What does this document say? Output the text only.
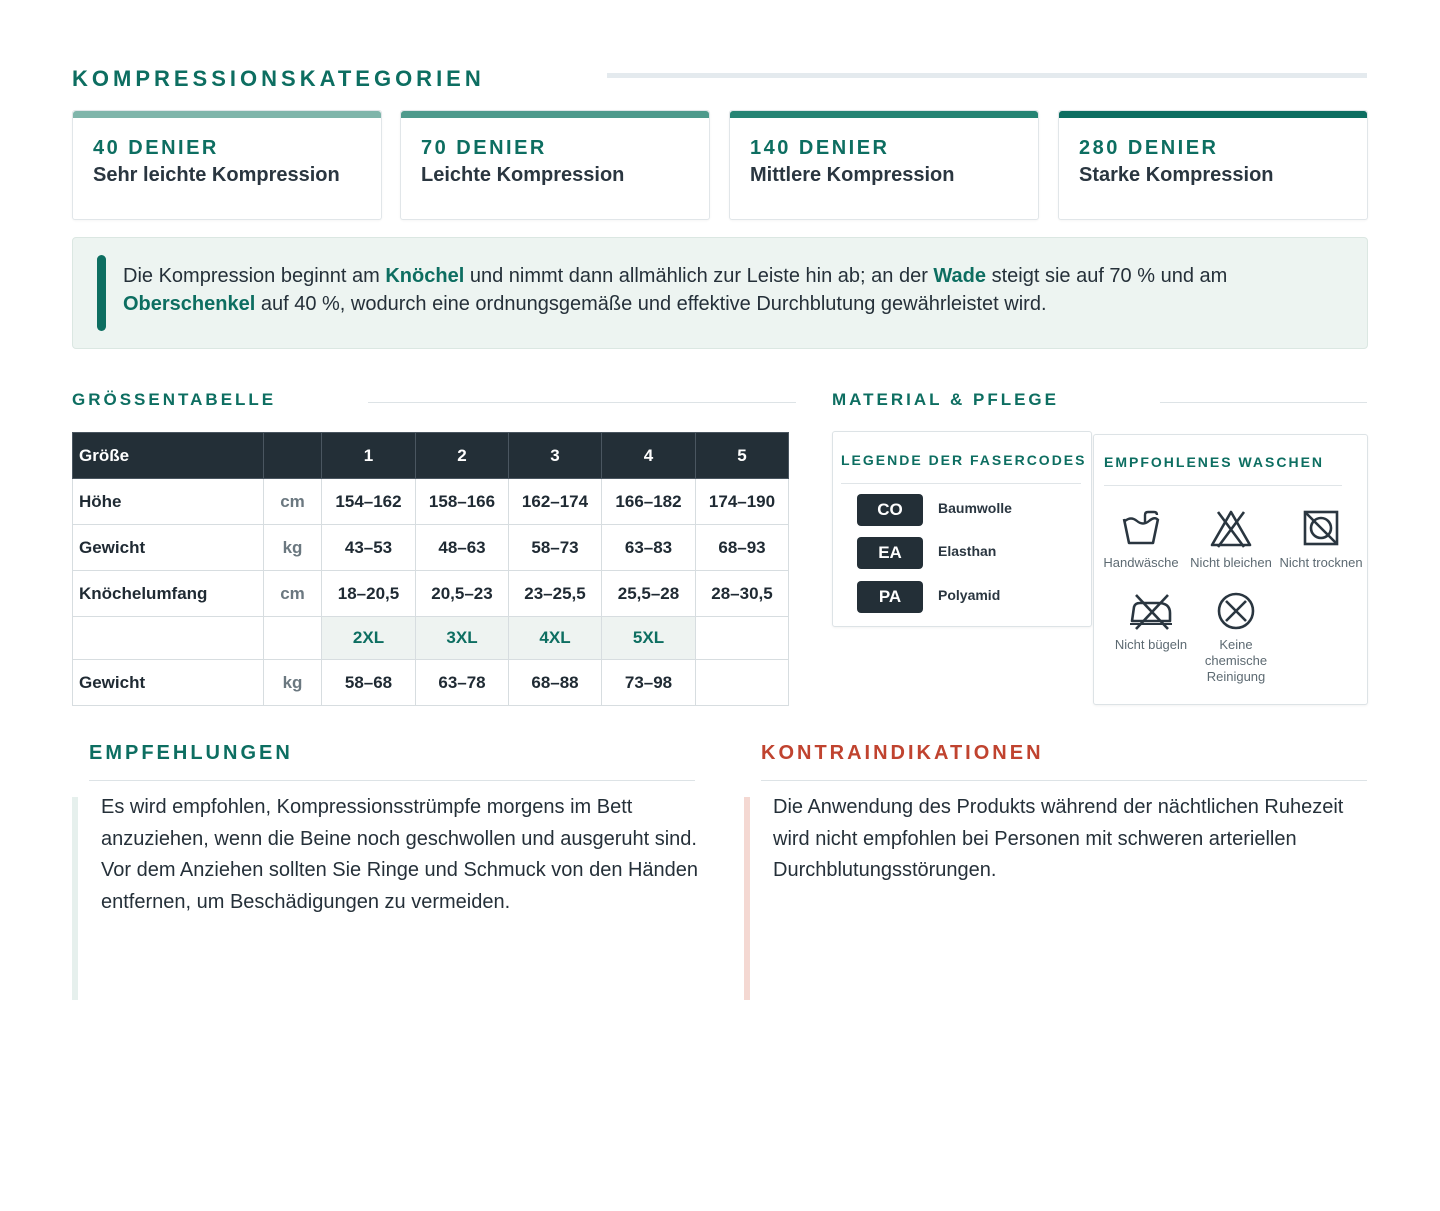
KOMPRESSIONSKATEGORIEN
40 DENIER
Sehr leichte Kompression
70 DENIER
Leichte Kompression
140 DENIER
Mittlere Kompression
280 DENIER
Starke Kompression
Die Kompression beginnt am Knöchel und nimmt dann allmählich zur Leiste hin ab; an der Wade steigt sie auf 70 % und am
Oberschenkel auf 40 %, wodurch eine ordnungsgemäße und effektive Durchblutung gewährleistet wird.
GRÖSSENTABELLE
Größe		1	2	3	4	5
Höhe	cm	154–162	158–166	162–174	166–182	174–190
Gewicht	kg	43–53	48–63	58–73	63–83	68–93
Knöchelumfang	cm	18–20,5	20,5–23	23–25,5	25,5–28	28–30,5
		2XL	3XL	4XL	5XL	
Gewicht	kg	58–68	63–78	68–88	73–98	
MATERIAL & PFLEGE
LEGENDE DER FASERCODES
CO	Baumwolle
EA	Elasthan
PA	Polyamid
EMPFOHLENES WASCHEN
Handwäsche Nicht bleichen Nicht trocknen
Nicht bügeln	Keine chemische Reinigung
EMPFEHLUNGEN
Es wird empfohlen, Kompressionsstrümpfe morgens im Bett anzuziehen, wenn die Beine noch geschwollen und ausgeruht sind. Vor dem Anziehen sollten Sie Ringe und Schmuck von den Händen entfernen, um Beschädigungen zu vermeiden.
KONTRAINDIKATIONEN
Die Anwendung des Produkts während der nächtlichen Ruhezeit wird nicht empfohlen bei Personen mit schweren arteriellen Durchblutungsstörungen.
